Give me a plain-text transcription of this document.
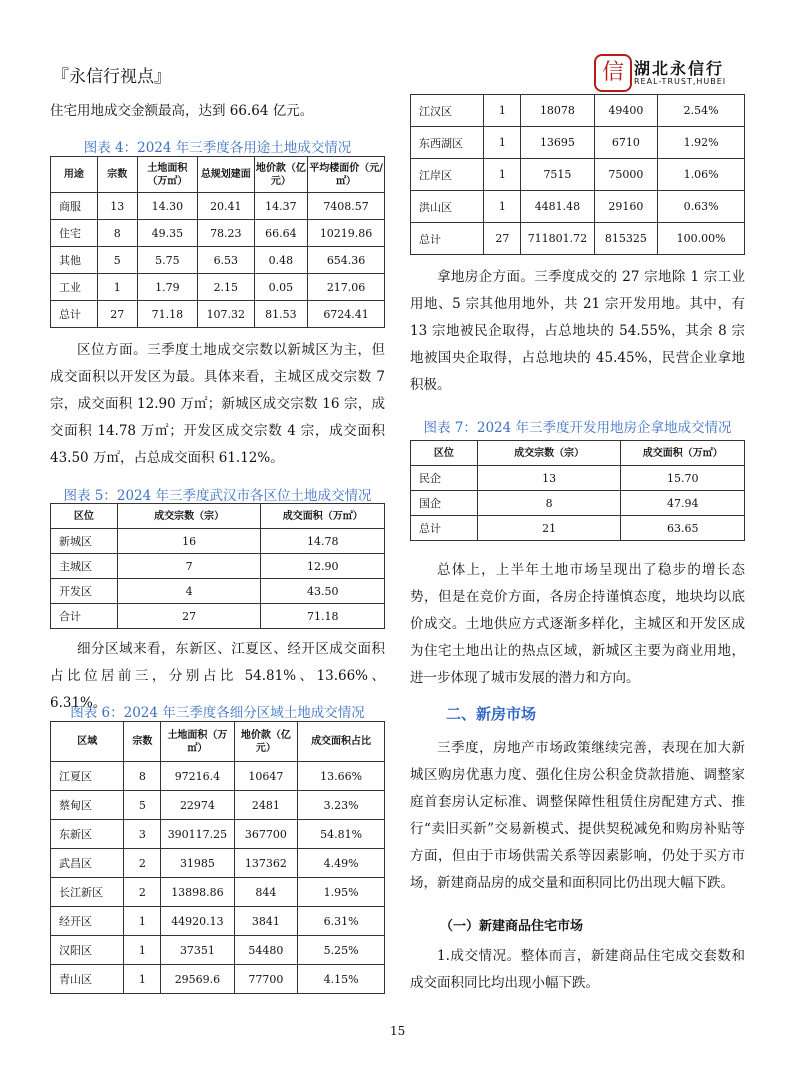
『永信行视点』	信 湖北永信行
REAL-TRUST,HUBEI
住宅用地成交金额最高，达到 66.64 亿元。
图表 4：2024 年三季度各用途土地成交情况
用途	宗数	土地面积（万㎡）	总规划建面	地价款（亿元）	平均楼面价（元/㎡）
商服	13	14.30	20.41	14.37	7408.57
住宅	8	49.35	78.23	66.64	10219.86
其他	5	5.75	6.53	0.48	654.36
工业	1	1.79	2.15	0.05	217.06
总计	27	71.18	107.32	81.53	6724.41
区位方面。三季度土地成交宗数以新城区为主，但成交面积以开发区为最。具体来看，主城区成交宗数 7 宗，成交面积 12.90 万㎡；新城区成交宗数 16 宗，成交面积 14.78 万㎡；开发区成交宗数 4 宗，成交面积 43.50 万㎡，占总成交面积 61.12%。
图表 5：2024 年三季度武汉市各区位土地成交情况
区位	成交宗数（宗）	成交面积（万㎡）
新城区	16	14.78
主城区	7	12.90
开发区	4	43.50
合计	27	71.18
细分区域来看，东新区、江夏区、经开区成交面积占比位居前三，分别占比 54.81%、13.66%、6.31%。
图表 6：2024 年三季度各细分区域土地成交情况
区域	宗数	土地面积（万㎡）	地价款（亿元）	成交面积占比
江夏区	8	97216.4	10647	13.66%
蔡甸区	5	22974	2481	3.23%
东新区	3	390117.25	367700	54.81%
武昌区	2	31985	137362	4.49%
长江新区	2	13898.86	844	1.95%
经开区	1	44920.13	3841	6.31%
汉阳区	1	37351	54480	5.25%
青山区	1	29569.6	77700	4.15%
江汉区	1	18078	49400	2.54%
东西湖区	1	13695	6710	1.92%
江岸区	1	7515	75000	1.06%
洪山区	1	4481.48	29160	0.63%
总计	27	711801.72	815325	100.00%
拿地房企方面。三季度成交的 27 宗地除 1 宗工业用地、5 宗其他用地外，共 21 宗开发用地。其中，有 13 宗地被民企取得，占总地块的 54.55%，其余 8 宗地被国央企取得，占总地块的 45.45%，民营企业拿地积极。
图表 7：2024 年三季度开发用地房企拿地成交情况
区位	成交宗数（宗）	成交面积（万㎡）
民企	13	15.70
国企	8	47.94
总计	21	63.65
总体上，上半年土地市场呈现出了稳步的增长态势，但是在竞价方面，各房企持谨慎态度，地块均以底价成交。土地供应方式逐渐多样化，主城区和开发区成为住宅土地出让的热点区域，新城区主要为商业用地，进一步体现了城市发展的潜力和方向。
二、新房市场
三季度，房地产市场政策继续完善，表现在加大新城区购房优惠力度、强化住房公积金贷款措施、调整家庭首套房认定标准、调整保障性租赁住房配建方式、推行“卖旧买新”交易新模式、提供契税减免和购房补贴等方面，但由于市场供需关系等因素影响，仍处于买方市场，新建商品房的成交量和面积同比仍出现大幅下跌。
（一）新建商品住宅市场
1.成交情况。整体而言，新建商品住宅成交套数和成交面积同比均出现小幅下跌。
15
